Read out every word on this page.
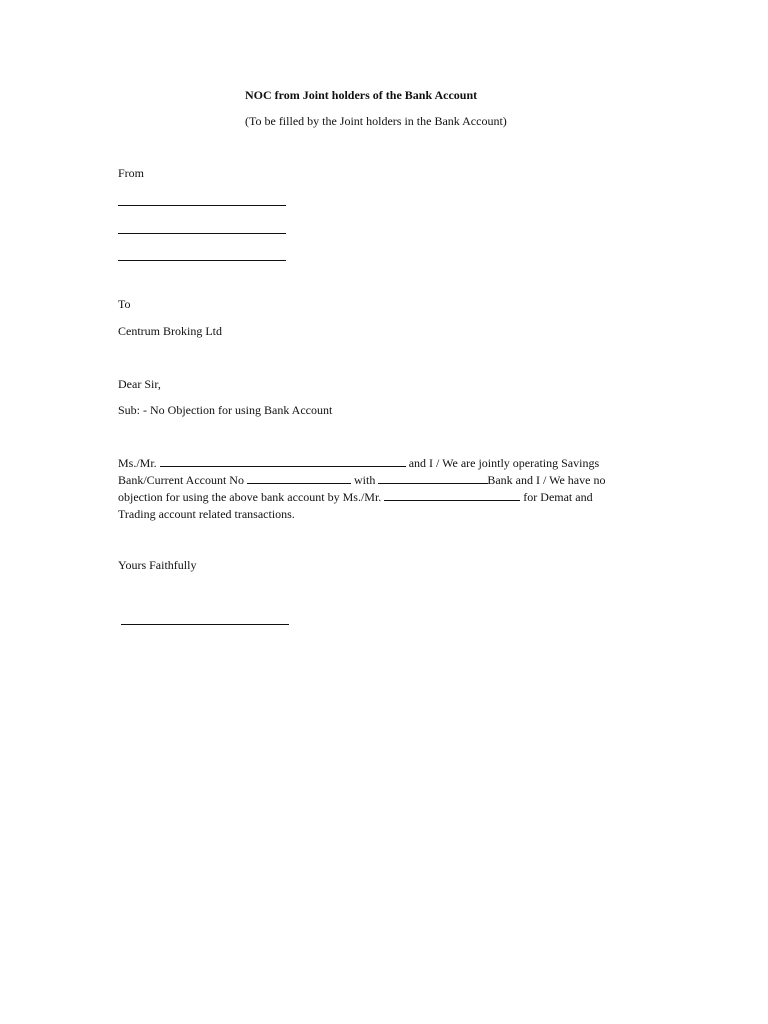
NOC from Joint holders of the Bank Account
(To be filled by the Joint holders in the Bank Account)
From
To
Centrum Broking Ltd
Dear Sir,
Sub: - No Objection for using Bank Account
Ms./Mr.	and I / We are jointly operating Savings
Bank/Current Account No	with	Bank and I / We have no
objection for using the above bank account by Ms./Mr.	for Demat and
Trading account related transactions.
Yours Faithfully
